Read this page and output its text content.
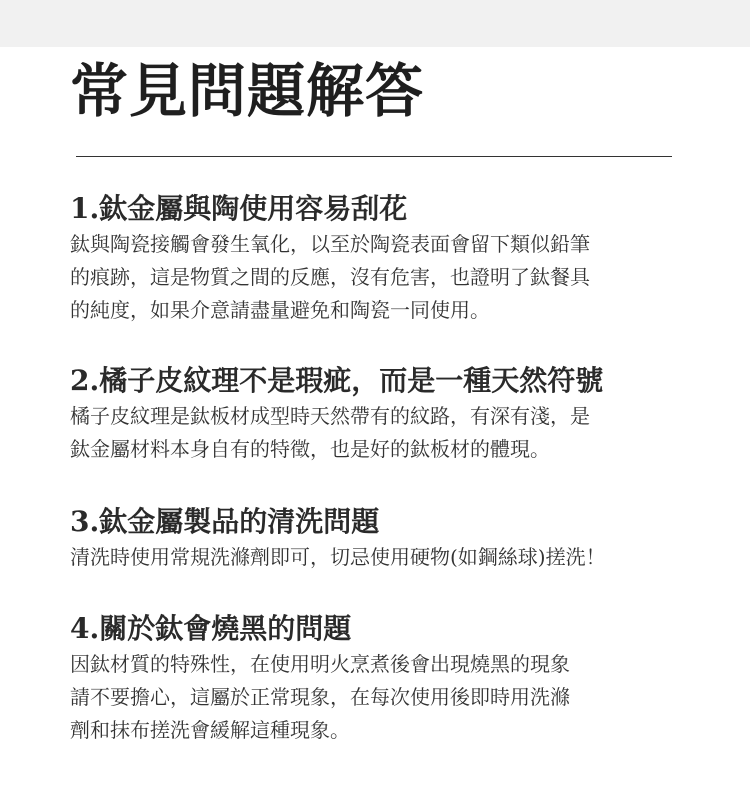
常見問題解答
1.鈦金屬與陶使用容易刮花

鈦與陶瓷接觸會發生氧化，以至於陶瓷表面會留下類似鉛筆
的痕跡，這是物質之間的反應，沒有危害，也證明了鈦餐具
的純度，如果介意請盡量避免和陶瓷一同使用。

2.橘子皮紋理不是瑕疵，而是一種天然符號

橘子皮紋理是鈦板材成型時天然帶有的紋路，有深有淺，是
鈦金屬材料本身自有的特徵，也是好的鈦板材的體現。

3.鈦金屬製品的清洗問題

清洗時使用常規洗滌劑即可，切忌使用硬物(如鋼絲球)搓洗！

4.關於鈦會燒黑的問題

因鈦材質的特殊性，在使用明火烹煮後會出現燒黑的現象
請不要擔心，這屬於正常現象，在每次使用後即時用洗滌
劑和抹布搓洗會緩解這種現象。
